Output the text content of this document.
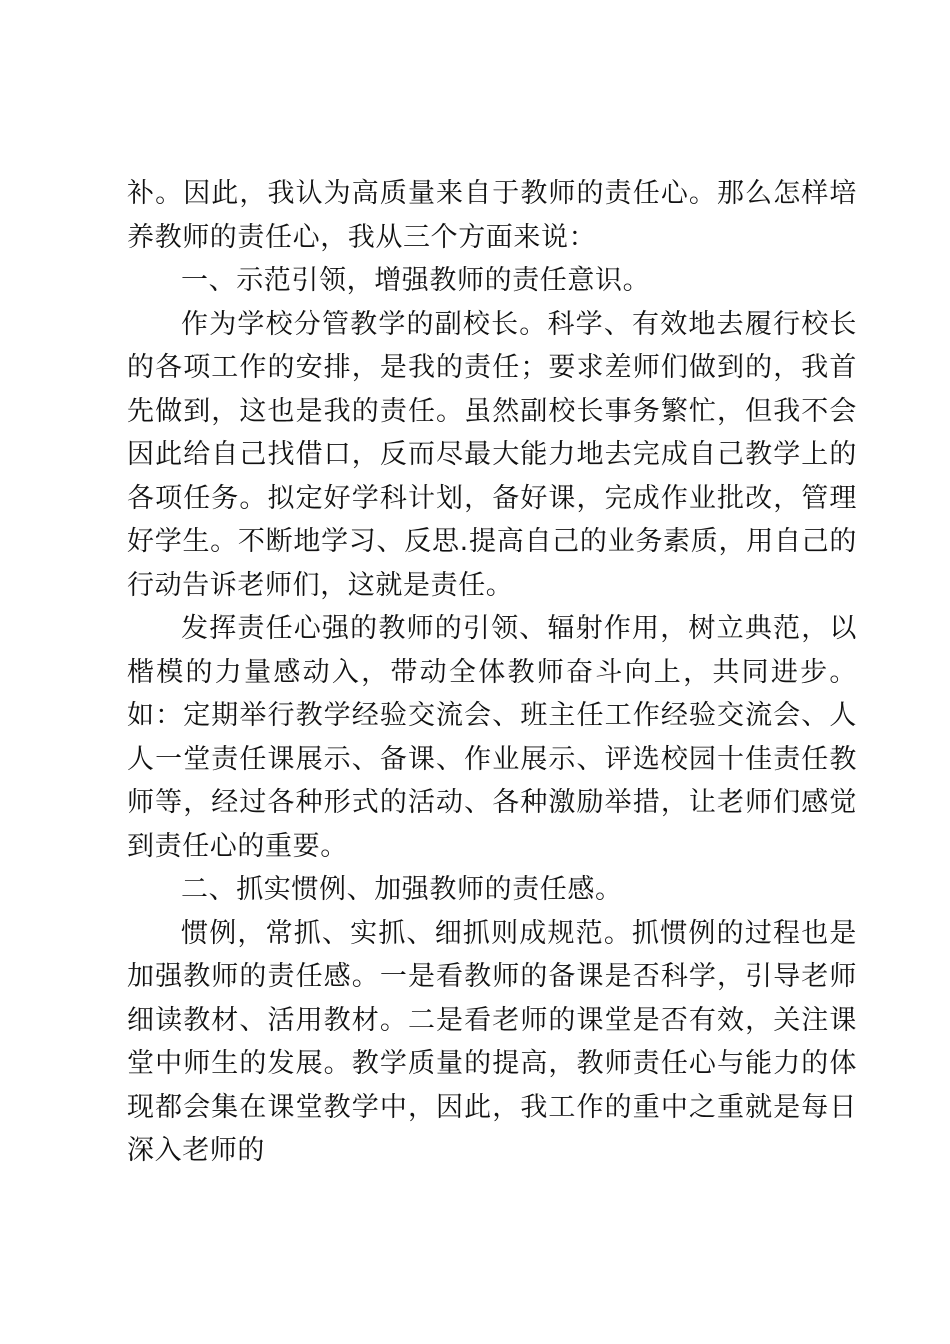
补。因此，我认为高质量来自于教师的责任心。那么怎样培养教师的责任心，我从三个方面来说：

一、示范引领，增强教师的责任意识。

作为学校分管教学的副校长。科学、有效地去履行校长的各项工作的安排，是我的责任；要求差师们做到的，我首先做到，这也是我的责任。虽然副校长事务繁忙，但我不会因此给自己找借口，反而尽最大能力地去完成自己教学上的各项任务。拟定好学科计划，备好课，完成作业批改，管理好学生。不断地学习、反思.提高自己的业务素质，用自己的行动告诉老师们，这就是责任。

发挥责任心强的教师的引领、辐射作用，树立典范，以楷模的力量感动入，带动全体教师奋斗向上，共同进步。如：定期举行教学经验交流会、班主任工作经验交流会、人人一堂责任课展示、备课、作业展示、评选校园十佳责任教师等，经过各种形式的活动、各种激励举措，让老师们感觉到责任心的重要。

二、抓实惯例、加强教师的责任感。

惯例，常抓、实抓、细抓则成规范。抓惯例的过程也是加强教师的责任感。一是看教师的备课是否科学，引导老师细读教材、活用教材。二是看老师的课堂是否有效，关注课堂中师生的发展。教学质量的提高，教师责任心与能力的体现都会集在课堂教学中，因此，我工作的重中之重就是每日深入老师的
